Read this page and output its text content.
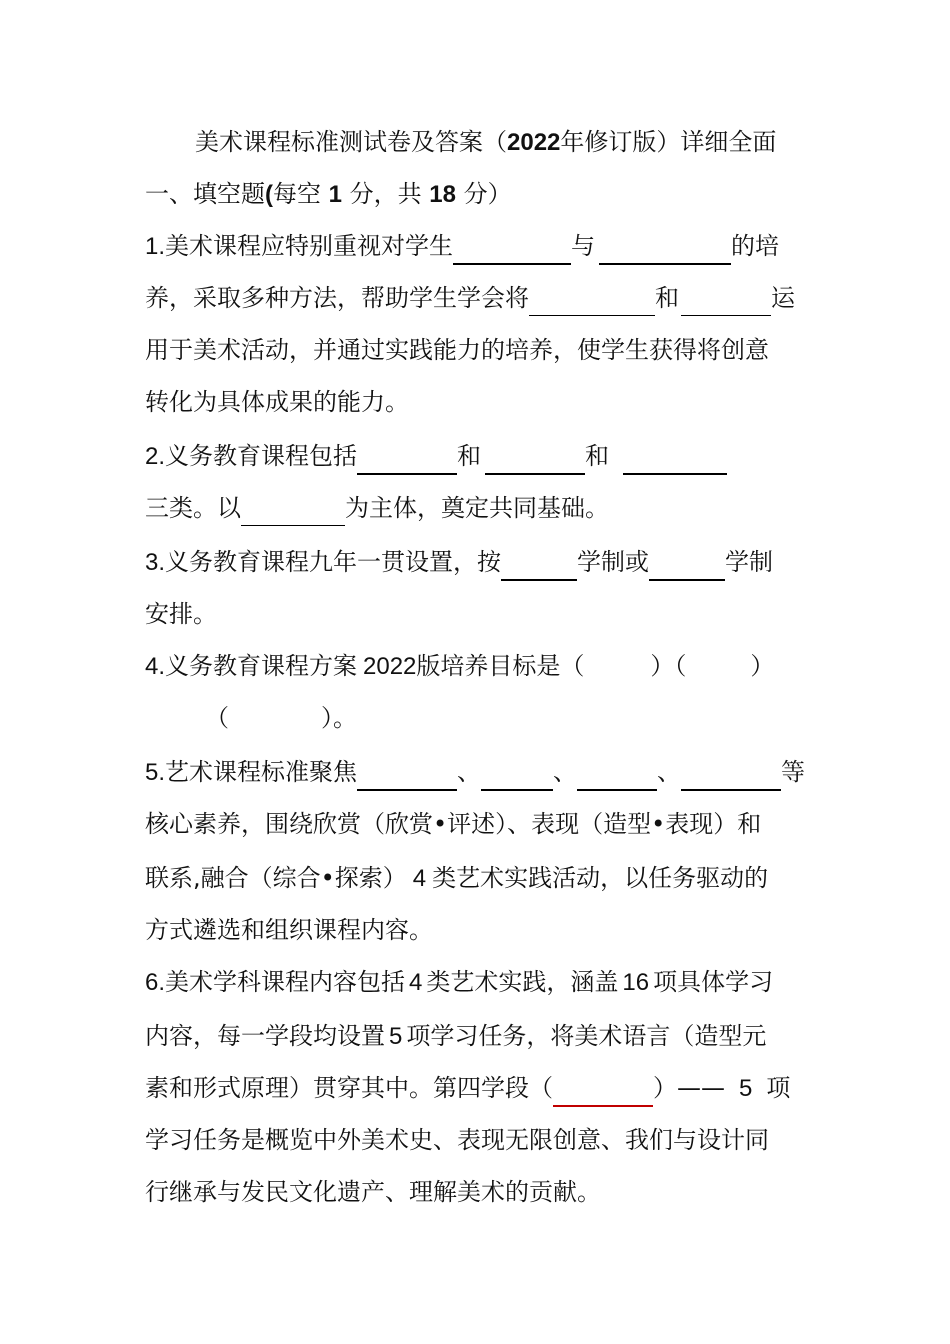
美术课程标准测试卷及答案（2022年修订版）详细全面
一、填空题(每空 1 分，共 18 分）
1.美术课程应特别重视对学生	与	的培
养，采取多种方法，帮助学生学会将	和	运
用于美术活动，并通过实践能力的培养，使学生获得将创意
转化为具体成果的能力。
2.义务教育课程包括	和	和
三类。以	为主体，奠定共同基础。
3.义务教育课程九年一贯设置，按	学制或	学制
安排。
4.义务教育课程方案 2022版培养目标是（	）（	）
（	）。
5.艺术课程标准聚焦	、	、	、	等
核心素养，围绕欣赏（欣赏•评述）、表现（造型•表现）和
联系,融合（综合•探索） 4 类艺术实践活动，以任务驱动的
方式遴选和组织课程内容。
6.美术学科课程内容包括 4 类艺术实践，涵盖 16 项具体学习
内容，每一学段均设置 5 项学习任务，将美术语言（造型元
素和形式原理）贯穿其中。第四学段（	）—— 5 项
学习任务是概览中外美术史、表现无限创意、我们与设计同
行继承与发民文化遗产、理解美术的贡献。
